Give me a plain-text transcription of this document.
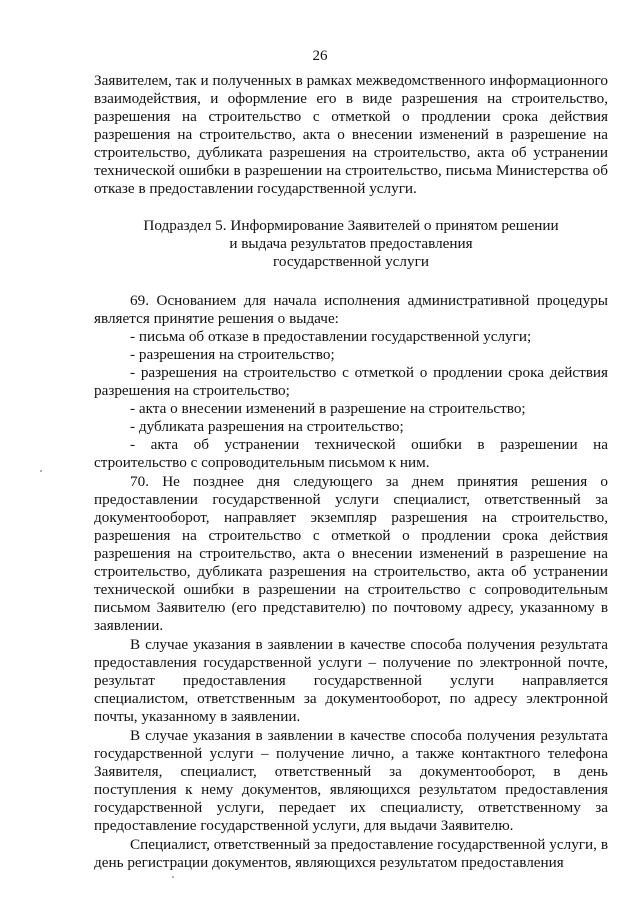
26

Заявителем, так и полученных в рамках межведомственного информационного взаимодействия, и оформление его в виде разрешения на строительство, разрешения на строительство с отметкой о продлении срока действия разрешения на строительство, акта о внесении изменений в разрешение на строительство, дубликата разрешения на строительство, акта об устранении технической ошибки в разрешении на строительство, письма Министерства об отказе в предоставлении государственной услуги.

Подраздел 5. Информирование Заявителей о принятом решении
и выдача результатов предоставления
государственной услуги

69. Основанием для начала исполнения административной процедуры является принятие решения о выдаче:

- письма об отказе в предоставлении государственной услуги;

- разрешения на строительство;

- разрешения на строительство с отметкой о продлении срока действия разрешения на строительство;

- акта о внесении изменений в разрешение на строительство;

- дубликата разрешения на строительство;

- акта об устранении технической ошибки в разрешении на строительство с сопроводительным письмом к ним.

70. Не позднее дня следующего за днем принятия решения о предоставлении государственной услуги специалист, ответственный за документооборот, направляет экземпляр разрешения на строительство, разрешения на строительство с отметкой о продлении срока действия разрешения на строительство, акта о внесении изменений в разрешение на строительство, дубликата разрешения на строительство, акта об устранении технической ошибки в разрешении на строительство с сопроводительным письмом Заявителю (его представителю) по почтовому адресу, указанному в заявлении.

В случае указания в заявлении в качестве способа получения результата предоставления государственной услуги – получение по электронной почте, результат предоставления государственной услуги направляется специалистом, ответственным за документооборот, по адресу электронной почты, указанному в заявлении.

В случае указания в заявлении в качестве способа получения результата государственной услуги – получение лично, а также контактного телефона Заявителя, специалист, ответственный за документооборот, в день поступления к нему документов, являющихся результатом предоставления государственной услуги, передает их специалисту, ответственному за предоставление государственной услуги, для выдачи Заявителю.

Специалист, ответственный за предоставление государственной услуги, в день регистрации документов, являющихся результатом предоставления
